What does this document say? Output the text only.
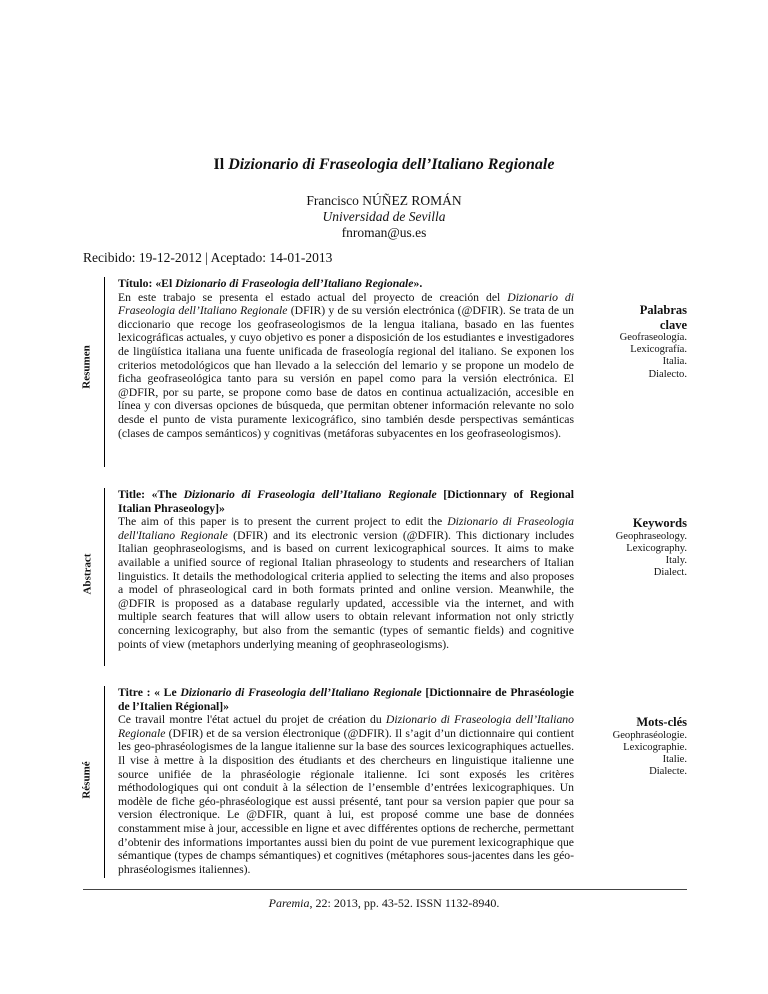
Il Dizionario di Fraseologia dell’Italiano Regionale
Francisco NÚÑEZ ROMÁN
Universidad de Sevilla
fnroman@us.es
Recibido: 19-12-2012 | Aceptado: 14-01-2013
Resumen
Título: «El Dizionario di Fraseologia dell’Italiano Regionale».
En este trabajo se presenta el estado actual del proyecto de creación del Dizionario di Fraseologia dell’Italiano Regionale (DFIR) y de su versión electrónica (@DFIR). Se trata de un diccionario que recoge los geofraseologismos de la lengua italiana, basado en las fuentes lexicográficas actuales, y cuyo objetivo es poner a disposición de los estudiantes e investigadores de lingüística italiana una fuente unificada de fraseología regional del italiano. Se exponen los criterios metodológicos que han llevado a la selección del lemario y se propone un modelo de ficha geofraseológica tanto para su versión en papel como para la versión electrónica. El @DFIR, por su parte, se propone como base de datos en continua actualización, accesible en línea y con diversas opciones de búsqueda, que permitan obtener información relevante no solo desde el punto de vista puramente lexicográfico, sino también desde perspectivas semánticas (clases de campos semánticos) y cognitivas (metáforas subyacentes en los geofraseologismos).
Palabras
clave
Geofraseología.
Lexicografía.
Italia.
Dialecto.
Abstract
Title: «The Dizionario di Fraseologia dell’Italiano Regionale [Dictionnary of Regional Italian Phraseology]»
The aim of this paper is to present the current project to edit the Dizionario di Fraseologia dell'Italiano Regionale (DFIR) and its electronic version (@DFIR). This dictionary includes Italian geophraseologisms, and is based on current lexicographical sources. It aims to make available a unified source of regional Italian phraseology to students and researchers of Italian linguistics. It details the methodological criteria applied to selecting the items and also proposes a model of phraseological card in both formats printed and online version. Meanwhile, the @DFIR is proposed as a database regularly updated, accessible via the internet, and with multiple search features that will allow users to obtain relevant information not only strictly concerning lexicography, but also from the semantic (types of semantic fields) and cognitive points of view (metaphors underlying meaning of geophraseologisms).
Keywords
Geophraseology.
Lexicography.
Italy.
Dialect.
Résumé
Titre : « Le Dizionario di Fraseologia dell’Italiano Regionale [Dictionnaire de Phraséologie de l’Italien Régional]»
Ce travail montre l'état actuel du projet de création du Dizionario di Fraseologia dell’Italiano Regionale (DFIR) et de sa version électronique (@DFIR). Il s’agit d’un dictionnaire qui contient les geo-phraséologismes de la langue italienne sur la base des sources lexicographiques actuelles. Il vise à mettre à la disposition des étudiants et des chercheurs en linguistique italienne une source unifiée de la phraséologie régionale italienne. Ici sont exposés les critères méthodologiques qui ont conduit à la sélection de l’ensemble d’entrées lexicographiques. Un modèle de fiche géo-phraséologique est aussi présenté, tant pour sa version papier que pour sa version électronique. Le @DFIR, quant à lui, est proposé comme une base de données constamment mise à jour, accessible en ligne et avec différentes options de recherche, permettant d’obtenir des informations importantes aussi bien du point de vue purement lexicographique que sémantique (types de champs sémantiques) et cognitives (métaphores sous-jacentes dans les géo-phraséologismes italiennes).
Mots-clés
Geophraséologie.
Lexicographie.
Italie.
Dialecte.
Paremia, 22: 2013, pp. 43-52. ISSN 1132-8940.
